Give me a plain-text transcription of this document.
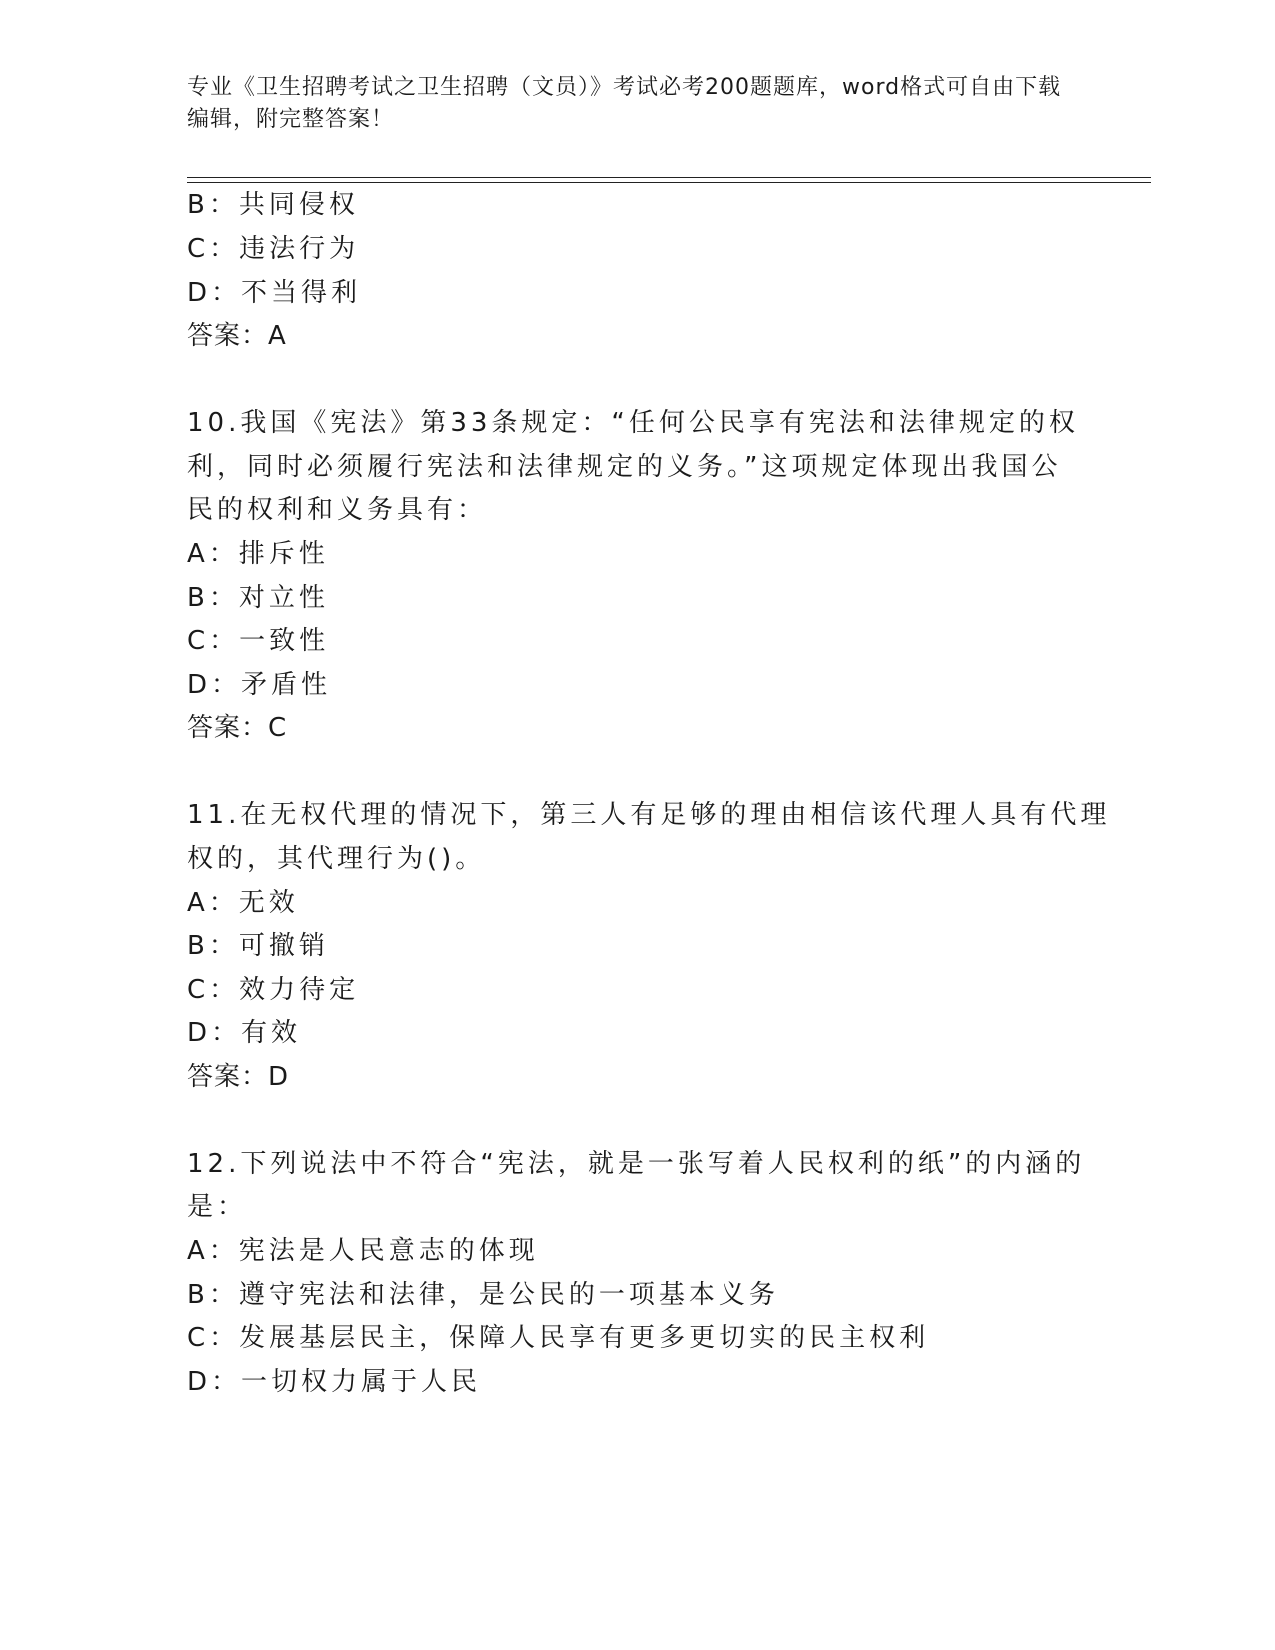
专业《卫生招聘考试之卫生招聘（文员）》考试必考200题题库，word格式可自由下载编辑，附完整答案！
B：共同侵权
C：违法行为
D：不当得利
答案：A
10.我国《宪法》第33条规定：“任何公民享有宪法和法律规定的权
利，同时必须履行宪法和法律规定的义务。”这项规定体现出我国公
民的权利和义务具有：
A：排斥性
B：对立性
C：一致性
D：矛盾性
答案：C
11.在无权代理的情况下，第三人有足够的理由相信该代理人具有代理
权的，其代理行为()。
A：无效
B：可撤销
C：效力待定
D：有效
答案：D
12.下列说法中不符合“宪法，就是一张写着人民权利的纸”的内涵的
是：
A：宪法是人民意志的体现
B：遵守宪法和法律，是公民的一项基本义务
C：发展基层民主，保障人民享有更多更切实的民主权利
D：一切权力属于人民
